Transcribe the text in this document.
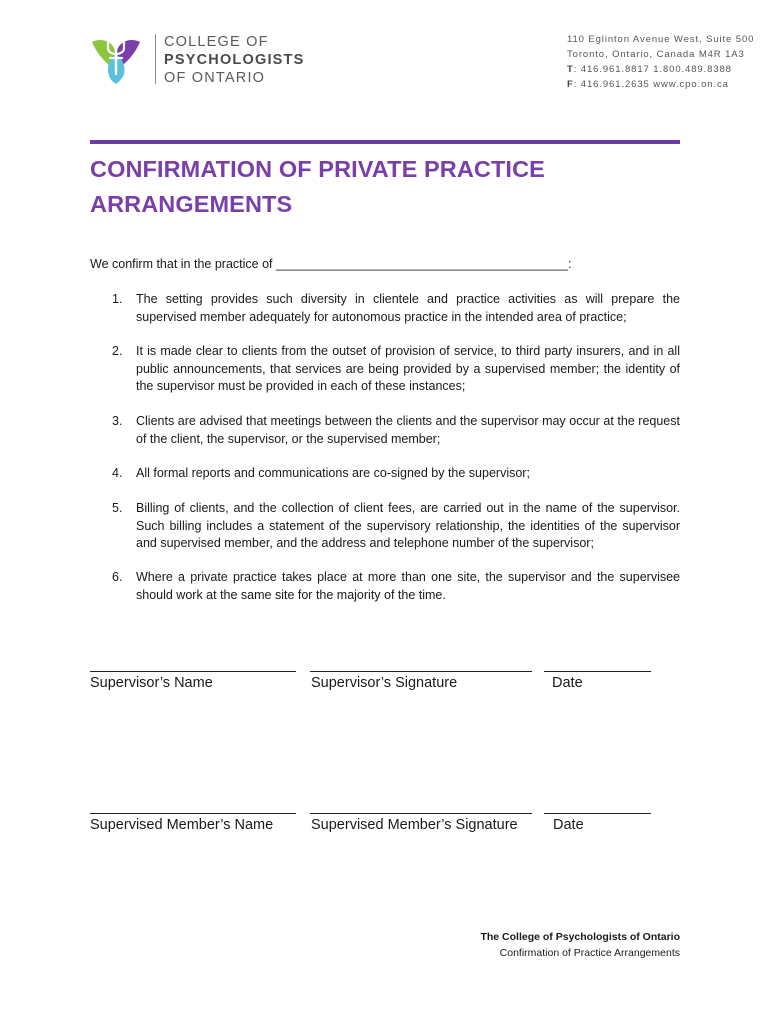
COLLEGE OF
PSYCHOLOGISTS
OF ONTARIO
110 Eglinton Avenue West, Suite 500
Toronto, Ontario, Canada M4R 1A3
T: 416.961.8817 1.800.489.8388
F: 416.961.2635 www.cpo.on.ca
CONFIRMATION OF PRIVATE PRACTICE
ARRANGEMENTS
We confirm that in the practice of __________________________________________:
1.	The setting provides such diversity in clientele and practice activities as will prepare the supervised member adequately for autonomous practice in the intended area of practice;
2.	It is made clear to clients from the outset of provision of service, to third party insurers, and in all public announcements, that services are being provided by a supervised member; the identity of the supervisor must be provided in each of these instances;
3.	Clients are advised that meetings between the clients and the supervisor may occur at the request of the client, the supervisor, or the supervised member;
4.	All formal reports and communications are co-signed by the supervisor;
5.	Billing of clients, and the collection of client fees, are carried out in the name of the supervisor. Such billing includes a statement of the supervisory relationship, the identities of the supervisor and supervised member, and the address and telephone number of the supervisor;
6.	Where a private practice takes place at more than one site, the supervisor and the supervisee should work at the same site for the majority of the time.
Supervisor’s Name	Supervisor’s Signature	Date
Supervised Member’s Name	Supervised Member’s Signature Date
The College of Psychologists of Ontario
Confirmation of Practice Arrangements
